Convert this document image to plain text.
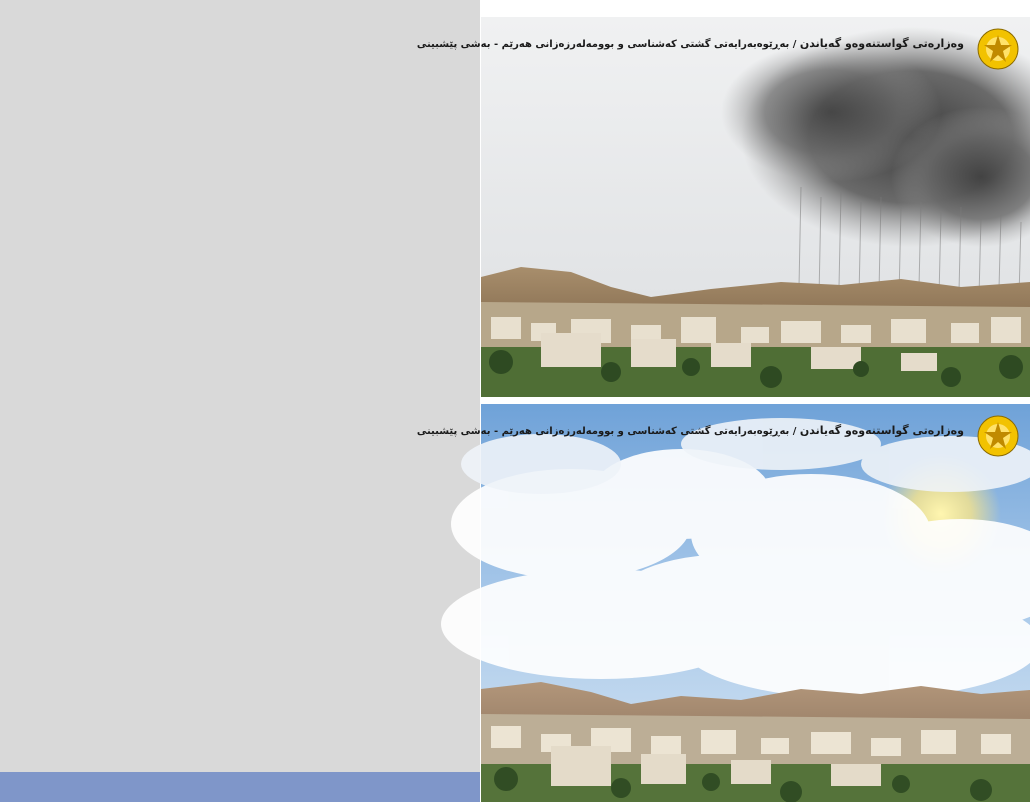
وەزارەتی گواستنەوەو گەیاندن / بەڕێوەبەرایەتی گشتی کەشناسی و بوومەلەرزەزانی هەرێم - بەشی پێشبینی
وەزارەتی گواستنەوەو گەیاندن / بەڕێوەبەرایەتی گشتی کەشناسی و بوومەلەرزەزانی هەرێم - بەشی پێشبینی
